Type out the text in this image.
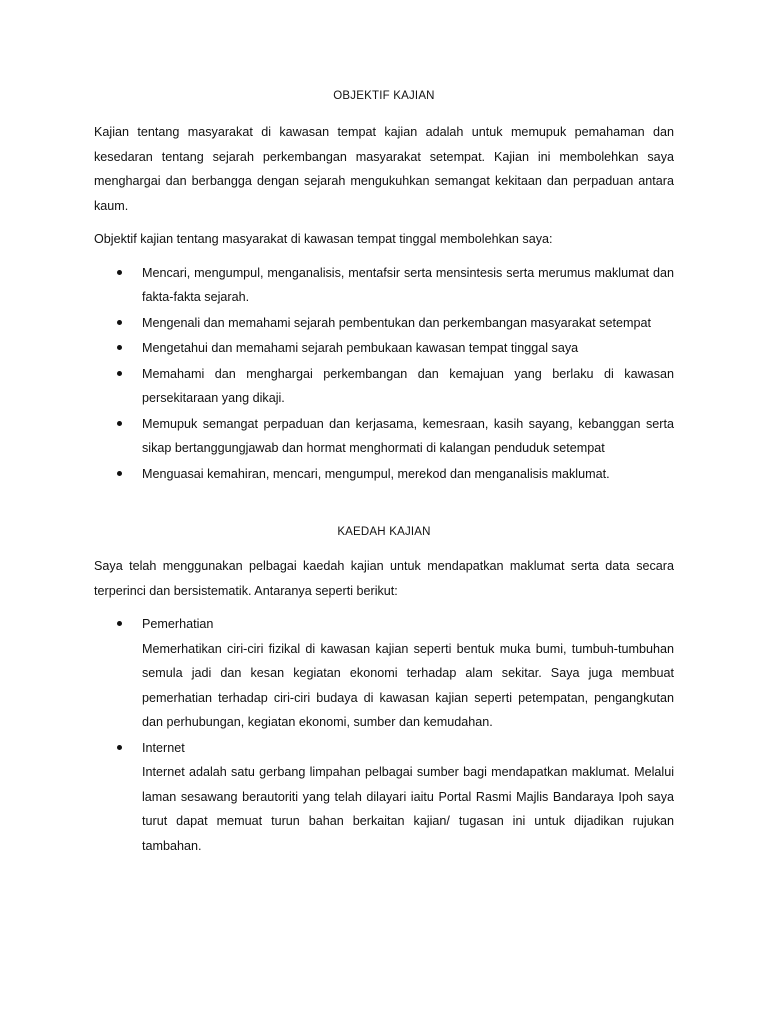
OBJEKTIF KAJIAN

Kajian tentang masyarakat di kawasan tempat kajian adalah untuk memupuk pemahaman dan kesedaran tentang sejarah perkembangan masyarakat setempat. Kajian ini membolehkan saya menghargai dan berbangga dengan sejarah mengukuhkan semangat kekitaan dan perpaduan antara kaum.

Objektif kajian tentang masyarakat di kawasan tempat tinggal membolehkan saya:

Mencari, mengumpul, menganalisis, mentafsir serta mensintesis serta merumus maklumat dan fakta-fakta sejarah.
Mengenali dan memahami sejarah pembentukan dan perkembangan masyarakat setempat
Mengetahui dan memahami sejarah pembukaan kawasan tempat tinggal saya
Memahami dan menghargai perkembangan dan kemajuan yang berlaku di kawasan persekitaraan yang dikaji.
Memupuk semangat perpaduan dan kerjasama, kemesraan, kasih sayang, kebanggan serta sikap bertanggungjawab dan hormat menghormati di kalangan penduduk setempat
Menguasai kemahiran, mencari, mengumpul, merekod dan menganalisis maklumat.
KAEDAH KAJIAN

Saya telah menggunakan pelbagai kaedah kajian untuk mendapatkan maklumat serta data secara terperinci dan bersistematik. Antaranya seperti berikut:

Pemerhatian
Memerhatikan ciri-ciri fizikal di kawasan kajian seperti bentuk muka bumi, tumbuh-tumbuhan semula jadi dan kesan kegiatan ekonomi terhadap alam sekitar. Saya juga membuat pemerhatian terhadap ciri-ciri budaya di kawasan kajian seperti petempatan, pengangkutan dan perhubungan, kegiatan ekonomi, sumber dan kemudahan.
Internet
Internet adalah satu gerbang limpahan pelbagai sumber bagi mendapatkan maklumat. Melalui laman sesawang berautoriti yang telah dilayari iaitu Portal Rasmi Majlis Bandaraya Ipoh saya turut dapat memuat turun bahan berkaitan kajian/ tugasan ini untuk dijadikan rujukan tambahan.
